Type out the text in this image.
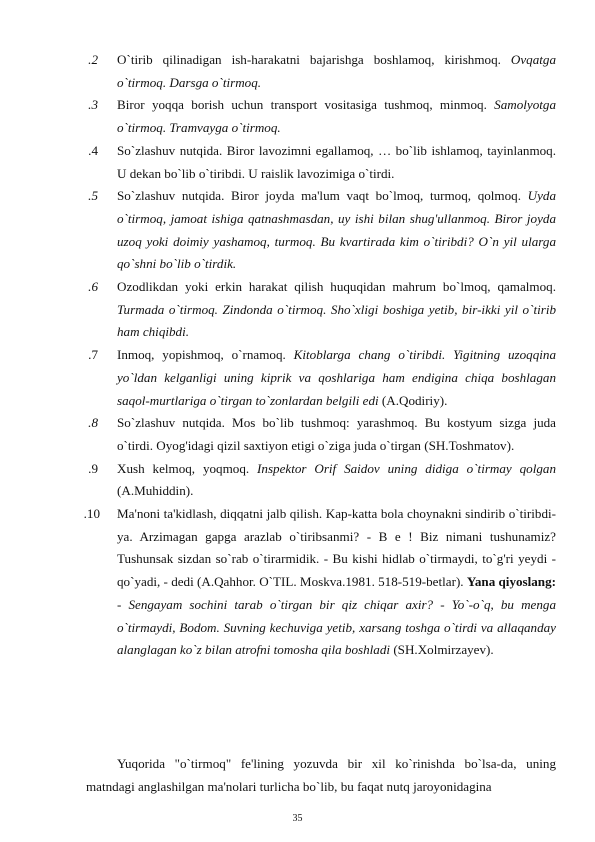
2. O`tirib qilinadigan ish-harakatni bajarishga boshlamoq, kirishmoq. Ovqatga o`tirmoq. Darsga o`tirmoq.
3. Biror yoqqa borish uchun transport vositasiga tushmoq, minmoq. Samolyotga o`tirmoq. Tramvayga o`tirmoq.
4. So`zlashuv nutqida. Biror lavozimni egallamoq, … bo`lib ishlamoq, tayinlanmoq. U dekan bo`lib o`tiribdi. U raislik lavozimiga o`tirdi.
5. So`zlashuv nutqida. Biror joyda ma'lum vaqt bo`lmoq, turmoq, qolmoq. Uyda o`tirmoq, jamoat ishiga qatnashmasdan, uy ishi bilan shug'ullanmoq. Biror joyda uzoq yoki doimiy yashamoq, turmoq. Bu kvartirada kim o`tiribdi? O`n yil ularga qo`shni bo`lib o`tirdik.
6. Ozodlikdan yoki erkin harakat qilish huquqidan mahrum bo`lmoq, qamalmoq. Turmada o`tirmoq. Zindonda o`tirmoq. Sho`xligi boshiga yetib, bir-ikki yil o`tirib ham chiqibdi.
7. Inmoq, yopishmoq, o`rnamoq. Kitoblarga chang o`tiribdi. Yigitning uzoqqina yo`ldan kelganligi uning kiprik va qoshlariga ham endigina chiqa boshlagan saqol-murtlariga o`tirgan to`zonlardan belgili edi (A.Qodiriy).
8. So`zlashuv nutqida. Mos bo`lib tushmoq: yarashmoq. Bu kostyum sizga juda o`tirdi. Oyog'idagi qizil saxtiyon etigi o`ziga juda o`tirgan (SH.Toshmatov).
9. Xush kelmoq, yoqmoq. Inspektor Orif Saidov uning didiga o`tirmay qolgan (A.Muhiddin).
10. Ma'noni ta'kidlash, diqqatni jalb qilish. Kap-katta bola choynakni sindirib o`tiribdi-ya. Arzimagan gapga arazlab o`tiribsanmi? - B e ! Biz nimani tushunamiz? Tushunsak sizdan so`rab o`tirarmidik. - Bu kishi hidlab o`tirmaydi, to`g'ri yeydi - qo`yadi, - dedi (A.Qahhor. O`TIL. Moskva.1981. 518-519-betlar). Yana qiyoslang: - Sengayam sochini tarab o`tirgan bir qiz chiqar axir? - Yo`-o`q, bu menga o`tirmaydi, Bodom. Suvning kechuviga yetib, xarsang toshga o`tirdi va allaqanday alanglagan ko`z bilan atrofni tomosha qila boshladi (SH.Xolmirzayev).
Yuqorida "o`tirmoq" fe'lining yozuvda bir xil ko`rinishda bo`lsa-da, uning matndagi anglashilgan ma'nolari turlicha bo`lib, bu faqat nutq jaroyonidagina
35
